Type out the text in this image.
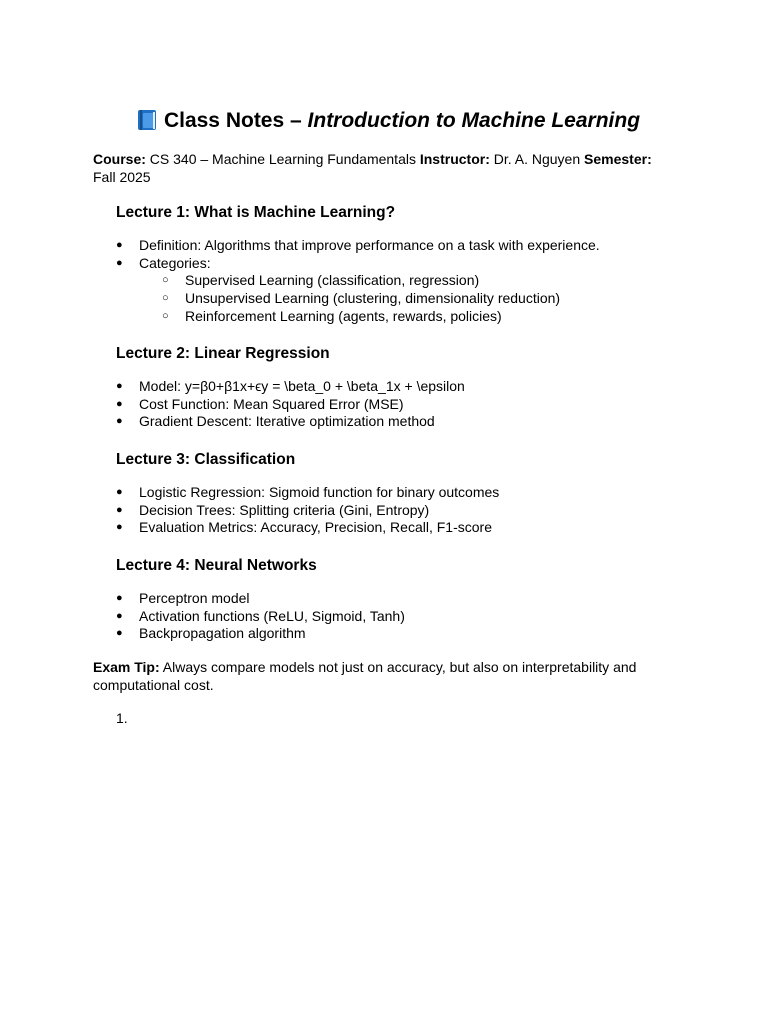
Class Notes – Introduction to Machine Learning
Course: CS 340 – Machine Learning Fundamentals Instructor: Dr. A. Nguyen Semester: Fall 2025
Lecture 1: What is Machine Learning?
●	Definition: Algorithms that improve performance on a task with experience.
●	Categories:
○	Supervised Learning (classification, regression)
○	Unsupervised Learning (clustering, dimensionality reduction)
○	Reinforcement Learning (agents, rewards, policies)
Lecture 2: Linear Regression
●	Model: y=β0+β1x+ϵy = \beta_0 + \beta_1x + \epsilon
●	Cost Function: Mean Squared Error (MSE)
●	Gradient Descent: Iterative optimization method
Lecture 3: Classification
●	Logistic Regression: Sigmoid function for binary outcomes
●	Decision Trees: Splitting criteria (Gini, Entropy)
●	Evaluation Metrics: Accuracy, Precision, Recall, F1-score
Lecture 4: Neural Networks
●	Perceptron model
●	Activation functions (ReLU, Sigmoid, Tanh)
●	Backpropagation algorithm
Exam Tip: Always compare models not just on accuracy, but also on interpretability and computational cost.
1.
